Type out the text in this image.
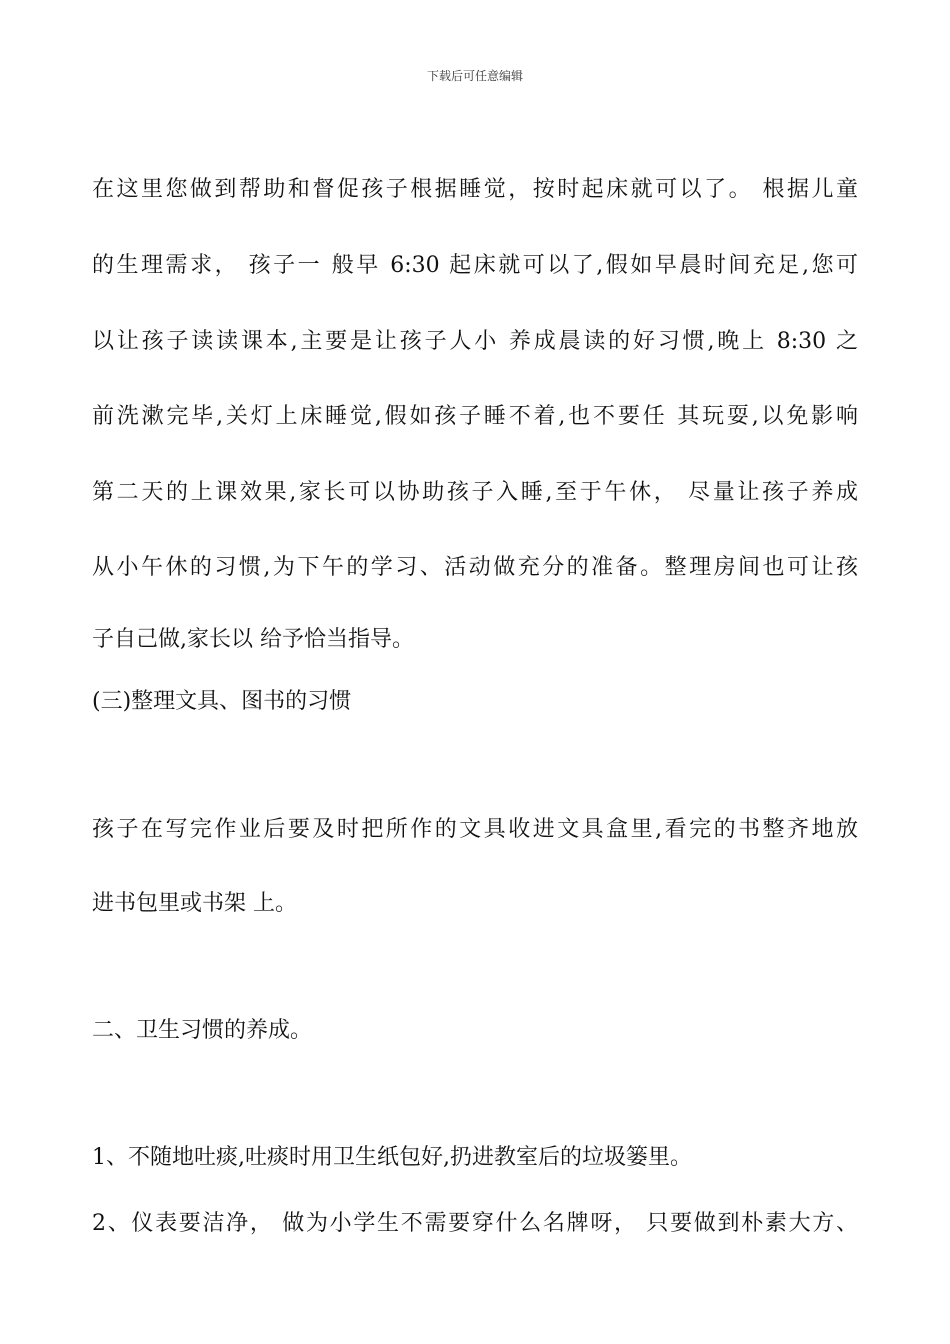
下载后可任意编辑
在这里您做到帮助和督促孩子根据睡觉，按时起床就可以了。 根据儿童
的生理需求， 孩子一 般早 6:30 起床就可以了,假如早晨时间充足,您可
以让孩子读读课本,主要是让孩子人小 养成晨读的好习惯,晚上 8:30 之
前洗漱完毕,关灯上床睡觉,假如孩子睡不着,也不要任 其玩耍,以免影响
第二天的上课效果,家长可以协助孩子入睡,至于午休， 尽量让孩子养成
从小午休的习惯,为下午的学习、活动做充分的准备。整理房间也可让孩
子自己做,家长以 给予恰当指导。
(三)整理文具、图书的习惯
孩子在写完作业后要及时把所作的文具收进文具盒里,看完的书整齐地放
进书包里或书架 上。
二、卫生习惯的养成。
1、不随地吐痰,吐痰时用卫生纸包好,扔进教室后的垃圾篓里。
2、仪表要洁净， 做为小学生不需要穿什么名牌呀， 只要做到朴素大方、
